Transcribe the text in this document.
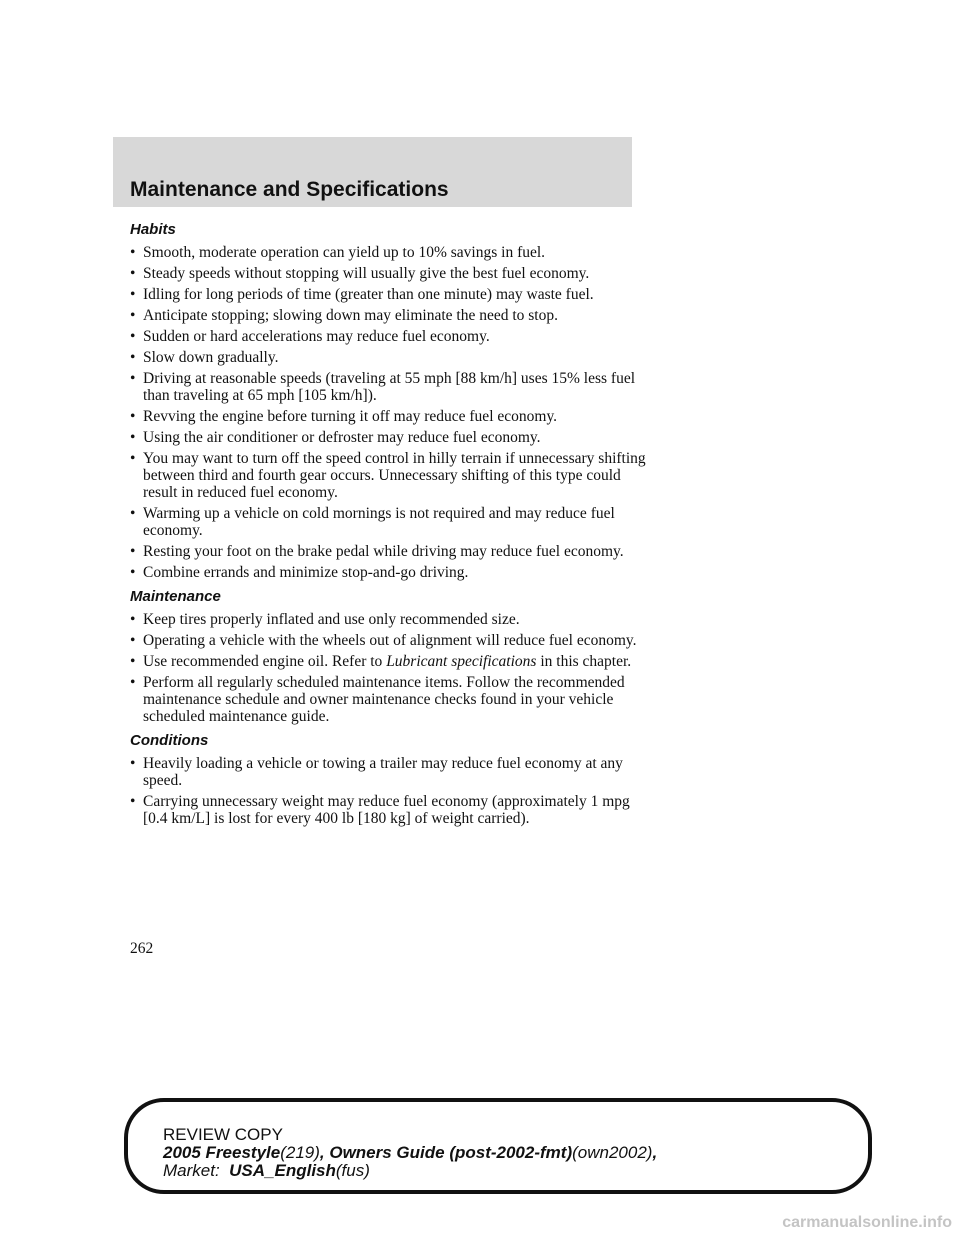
Maintenance and Specifications
Habits
• Smooth, moderate operation can yield up to 10% savings in fuel.
• Steady speeds without stopping will usually give the best fuel economy.
• Idling for long periods of time (greater than one minute) may waste fuel.
• Anticipate stopping; slowing down may eliminate the need to stop.
• Sudden or hard accelerations may reduce fuel economy.
• Slow down gradually.
• Driving at reasonable speeds (traveling at 55 mph [88 km/h] uses 15% less fuel than traveling at 65 mph [105 km/h]).
• Revving the engine before turning it off may reduce fuel economy.
• Using the air conditioner or defroster may reduce fuel economy.
• You may want to turn off the speed control in hilly terrain if unnecessary shifting between third and fourth gear occurs. Unnecessary shifting of this type could result in reduced fuel economy.
• Warming up a vehicle on cold mornings is not required and may reduce fuel economy.
• Resting your foot on the brake pedal while driving may reduce fuel economy.
• Combine errands and minimize stop-and-go driving.
Maintenance
• Keep tires properly inflated and use only recommended size.
• Operating a vehicle with the wheels out of alignment will reduce fuel economy.
• Use recommended engine oil. Refer to Lubricant specifications in this chapter.
• Perform all regularly scheduled maintenance items. Follow the recommended maintenance schedule and owner maintenance checks found in your vehicle scheduled maintenance guide.
Conditions
• Heavily loading a vehicle or towing a trailer may reduce fuel economy at any speed.
• Carrying unnecessary weight may reduce fuel economy (approximately 1 mpg [0.4 km/L] is lost for every 400 lb [180 kg] of weight carried).
262
REVIEW COPY
2005 Freestyle(219), Owners Guide (post-2002-fmt)(own2002),
Market: USA_English(fus)
carmanualsonline.info
